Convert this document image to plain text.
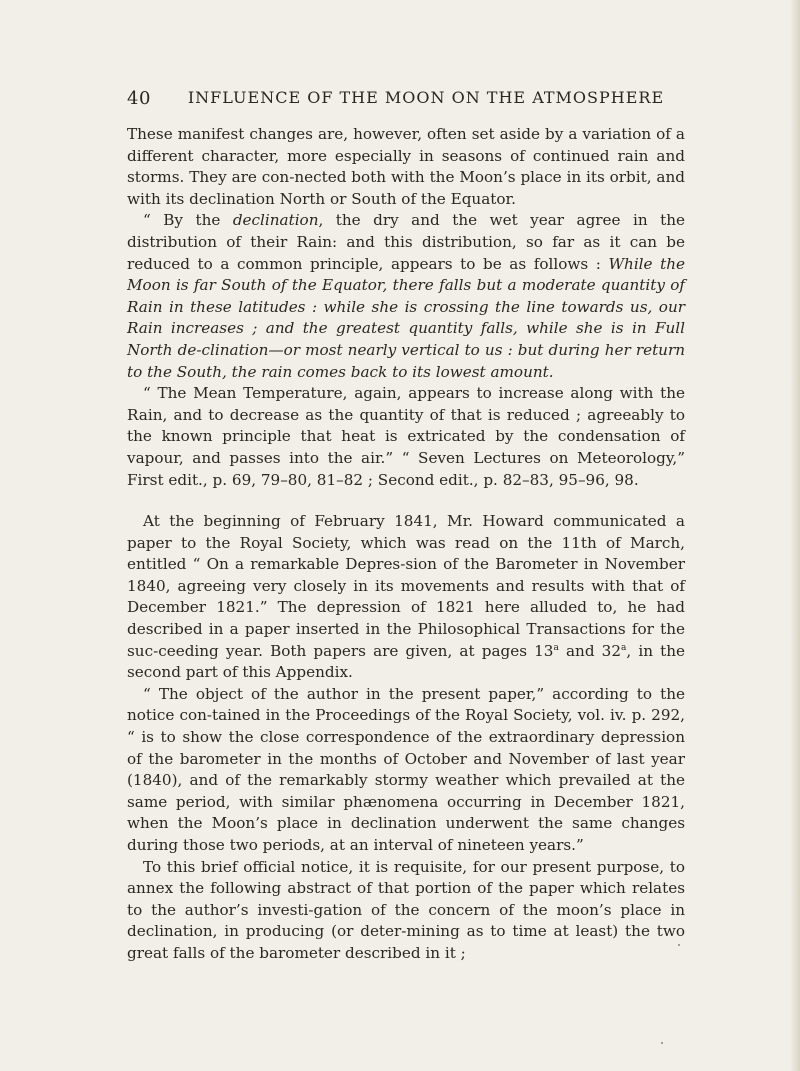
40	INFLUENCE OF THE MOON ON THE ATMOSPHERE

These manifest changes are, however, often set aside by a variation of a different character, more especially in seasons of continued rain and storms. They are con-nected both with the Moon’s place in its orbit, and with its declination North or South of the Equator.

“ By the declination, the dry and the wet year agree in the distribution of their Rain: and this distribution, so far as it can be reduced to a common principle, appears to be as follows : While the Moon is far South of the Equator, there falls but a moderate quantity of Rain in these latitudes : while she is crossing the line towards us, our Rain increases ; and the greatest quantity falls, while she is in Full North de-clination—or most nearly vertical to us : but during her return to the South, the rain comes back to its lowest amount.

“ The Mean Temperature, again, appears to increase along with the Rain, and to decrease as the quantity of that is reduced ; agreeably to the known principle that heat is extricated by the condensation of vapour, and passes into the air.” “ Seven Lectures on Meteorology,” First edit., p. 69, 79–80, 81–82 ; Second edit., p. 82–83, 95–96, 98.

At the beginning of February 1841, Mr. Howard communicated a paper to the Royal Society, which was read on the 11th of March, entitled “ On a remarkable Depres-sion of the Barometer in November 1840, agreeing very closely in its movements and results with that of December 1821.” The depression of 1821 here alluded to, he had described in a paper inserted in the Philosophical Transactions for the suc-ceeding year. Both papers are given, at pages 13$^a$ and 32$^a$, in the second part of this Appendix.

“ The object of the author in the present paper,” according to the notice con-tained in the Proceedings of the Royal Society, vol. iv. p. 292, “ is to show the close correspondence of the extraordinary depression of the barometer in the months of October and November of last year (1840), and of the remarkably stormy weather which prevailed at the same period, with similar phænomena occurring in December 1821, when the Moon’s place in declination underwent the same changes during those two periods, at an interval of nineteen years.”

To this brief official notice, it is requisite, for our present purpose, to annex the following abstract of that portion of the paper which relates to the author’s investi-gation of the concern of the moon’s place in declination, in producing (or deter-mining as to time at least) the two great falls of the barometer described in it ;
